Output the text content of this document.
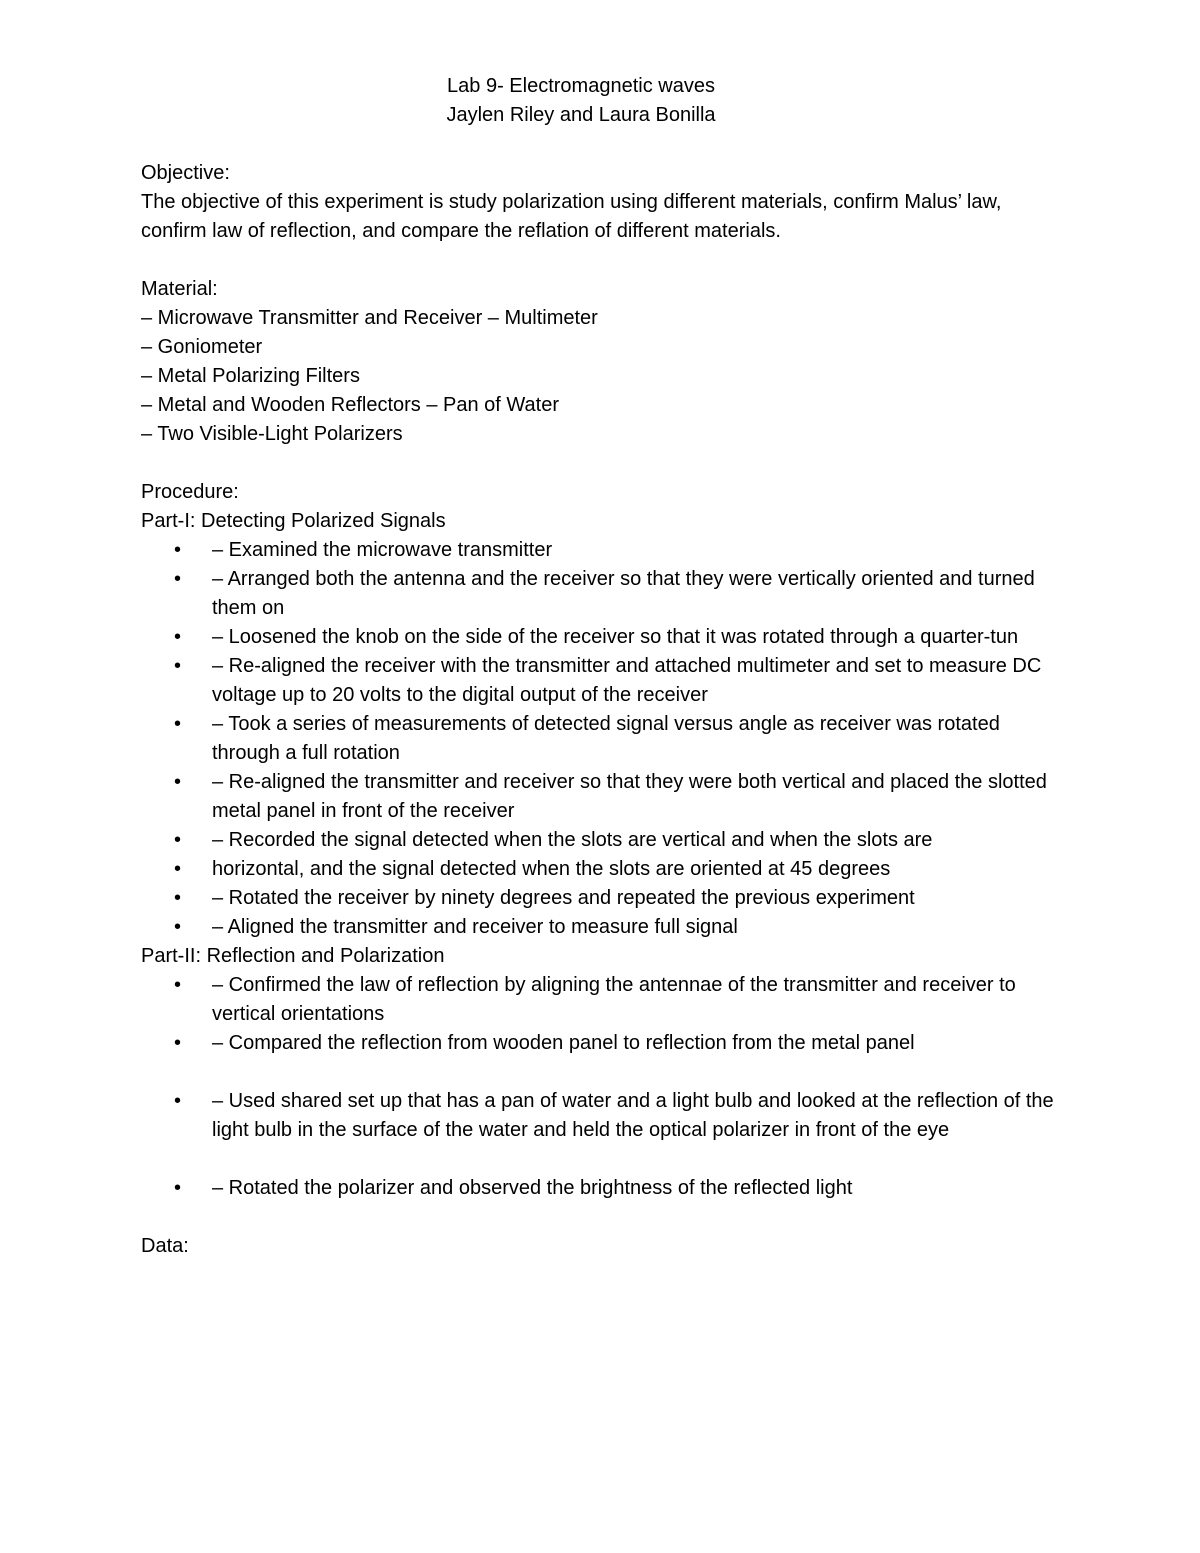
Lab 9- Electromagnetic waves
Jaylen Riley and Laura Bonilla

Objective:

The objective of this experiment is study polarization using different materials, confirm Malus’ law, confirm law of reflection, and compare the reflation of different materials.

Material:

– Microwave Transmitter and Receiver – Multimeter
– Goniometer
– Metal Polarizing Filters
– Metal and Wooden Reflectors – Pan of Water
– Two Visible-Light Polarizers

Procedure:

Part-I: Detecting Polarized Signals

• – Examined the microwave transmitter
• – Arranged both the antenna and the receiver so that they were vertically oriented and turned them on
• – Loosened the knob on the side of the receiver so that it was rotated through a quarter-tun
• – Re-aligned the receiver with the transmitter and attached multimeter and set to measure DC voltage up to 20 volts to the digital output of the receiver
• – Took a series of measurements of detected signal versus angle as receiver was rotated through a full rotation
• – Re-aligned the transmitter and receiver so that they were both vertical and placed the slotted metal panel in front of the receiver
• – Recorded the signal detected when the slots are vertical and when the slots are
• horizontal, and the signal detected when the slots are oriented at 45 degrees
• – Rotated the receiver by ninety degrees and repeated the previous experiment
• – Aligned the transmitter and receiver to measure full signal

Part-II: Reflection and Polarization

• – Confirmed the law of reflection by aligning the antennae of the transmitter and receiver to vertical orientations
• – Compared the reflection from wooden panel to reflection from the metal panel
• – Used shared set up that has a pan of water and a light bulb and looked at the reflection of the light bulb in the surface of the water and held the optical polarizer in front of the eye
• – Rotated the polarizer and observed the brightness of the reflected light

Data:
